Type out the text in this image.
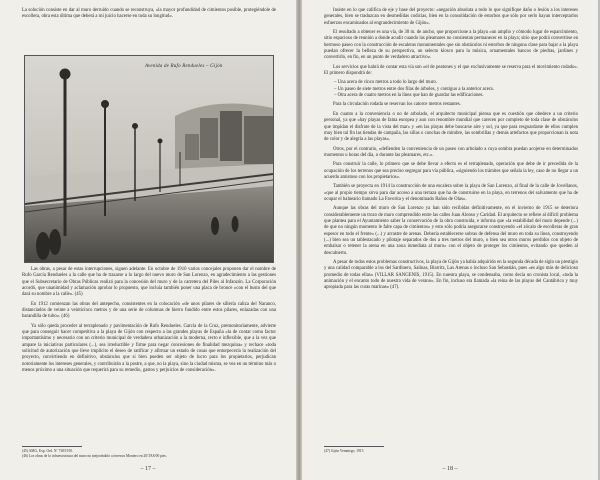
La solución consiste en dar al muro derruido cuando se reconstruya, «la mayor profundidad de cimientos posible, protegiéndole de escollera, obra esta última que deberá a mi juicio hacerse en toda su longitud».

Avenida de Rufo Rendueles – Gijón

Las obras, a pesar de estas interrupciones, siguen adelante. En octubre de 1910 varios concejales proponen dar el nombre de Rufo García Rendueles a la calle que ha de trazarse a lo largo del nuevo muro de San Lorenzo, en agradecimiento a las gestiones que el Subsecretario de Obras Públicas realizó para la concesión del muro y de la carretera del Piles al Infanzón. La Corporación acordó, que unanimidad y aclamación aprobar lo propuesto, que incluía también poner una placa de bronce «con el busto del que dará su nombre a la calle». (45)

En 1912 comienzan las obras del antepecho, consistentes en la colocación «de unos pilares de sillería caliza del Naranco, distanciados de veinte a veinticinco metros y de una serie de columnas de hierro fundido entre estos pilares, enlazadas con una barandilla de tubo». (46)

Ya sólo queda proceder al terraplenado y pavimentación de Rufo Rendueles. García de la Cruz, premonitoriamente, advierte que para conseguir hacer competitiva a la playa de Gijón con respecto a las grandes playas de España «la de contar como factor importantísimo y necesario con un criterio municipal de verdadera urbanización a la moderna, recto e inflexible, que a la vez que ampare la iniciativas particulares (...), sea irreductible y firme para negar concesiones de finalidad mezquina» y rechace «toda solicitud de autorización que lleve implícito el deseo de ratificar y afirmar un estado de cosas que entorpecería la realización del proyecto, convirtiendo en definitivo, obstáculos que si bien pueden ser objeto de lucro para los propietarios, perjudican notoriamente los intereses generales, y contribuirán a la postre, a que, no la playa, sino la ciudad misma, se vea en un término más o menos próximo a una situación que requerirá para su remedio, gastos y perjuicios de consideración».

(45) AMG, Exp. Ord. Nº 738/1910.
(46) Los obras de lo infraestructura del muro no mejorándolo a terrenos Montero en 20/TAS/00 pies.
– 17 –

Insiste en lo que califica de eje y base del proyecto: «negación absoluta a todo lo que signifique daño o lesión a los intereses generales, bien se traduzcan en desmedidas codicias, bien en la consolidación de estorbos que sólo por serlo hayan interceptarlos esfuerzos encaminados al engrandecimiento de Gijón».

El resultado a obtener es una vía, de 30 m. de ancho, que proporcione a la playa «un amplio y cómodo lugar de esparcimiento, sitio espacioso de reunión a donde acudir cuando las pleamares no consientan permanecer en la playa; sitio que podrá convertirse en hermoso paseo con la construcción de escaleras monumentales que sin obstáculos ni estorbos de ninguna clase para bajar a la playa puedan ofrecer la belleza de su perspectiva, un selecto kiosco para la música, ornamentales bancos de piedras, jardines y convertirlo, en fin, en un punto de verdadero atractivo».

Los servicios que habrá de contar esta vía son «el de peatones y el que exclusivamente se reserva para el movimiento rodado». El primero dispondrá de:

– Una acera de cinco metros a todo lo largo del muro.
– Un paseo de siete metros entre dos filas de árboles, y contiguo a la anterior acera.
– Otra acera de cuatro metros en la línea que han de guardar las edificaciones.

Para la circulación rodada se reservan los catorce metros restantes.

En cuanto a la conveniencia o no de arbolado, el arquitecto municipal piensa que es cuestión que obedece a un criterio personal, ya que «hay playas de fama europea y aun con renombre mundial que carecen por completo de toda clase de obstáculos que impidan el disfrute de la vista del mar» y «en las playas debe buscarse aire y sol, ya que para resguardarse de ellos cumplen muy bien tal fin las tiendas de campaña, las sillas o conchas de mimbre, las sombrillas y demás artefactos que proporcionan la nota de color y de alegría a las playas».

Otros, por el contrario, «defienden la conveniencia de un paseo con arbolado a cuya sombra puedan acojerse en determinados momentos u horas del día, o durante las pleamares, etc.».

Para construir la calle, lo primero que se debe llevar a efecto es el terraplenado, operación que debe de ir precedida de la ocupación de los terrenos que sea preciso segregar para vía pública, «siguiendo los trámites que señala la ley, caso de no llegar a un acuerdo amistoso con los propietarios».

También se proyecta en 1914 la construcción de una escalera sobre la playa de San Lorenzo, al final de la calle de Jovellanos, «que al propio tiempo sirva para dar acceso a una terraza que ha de construirse en la playa, en terrenos del salvamento que ha de ocupar el balneario llamado La Favorita y el denominado Baños de Olas».

Aunque las obras del muro de San Lorenzo ya han sido recibidas definitivamente, en el invierno de 1915 se deteriora considerablemente un trozo de muro comprendido entre las calles Juan Alonso y Caridad. El arquitecto se refiere al difícil problema que plantea para el Ayuntamiento saber la conservación de la obra construida, e informa que «la estabilidad del muro depende (...) de que no ningún momento le falte capa de cimientos» y esto sólo podría asegurarse construyendo «el zócalo de escolleras de gran espesor en todo el frente» (...) y arrastre de arenas. Debería establecerse sobras de defensa del muro en toda su línea, construyendo (...) bien sea un tablestacado y pilotaje separados de dos a tres metros del muro, o bien sea otros muros perdidos con objeto de embalsar o retener la arena en una zona inmediata al muro» con el objeto de proteger los cimientos, evitando que queden al descubierto.

A pesar de todos estos problemas constructivos, la playa de Gijón ya había adquirido en la segunda década de siglo un prestigio y una calidad comparable a los del Sardinero, Salinas, Biarritz, Las Arenas o incluso San Sebastián, pues «es algo más de delicioso promedio de todas ellas» (VILLAR SANGENIS, 1915). En nuestra playa, se condensaba, como decía un cronista local, «toda la animación y el encanto todo de nuestra vida de verano». En fin, incluso era llamada «la reina de las playas del Cantábrico y muy apropiada para las curas marinas» (47).

(47) Gijón Veraniego, 1915.
– 18 –
